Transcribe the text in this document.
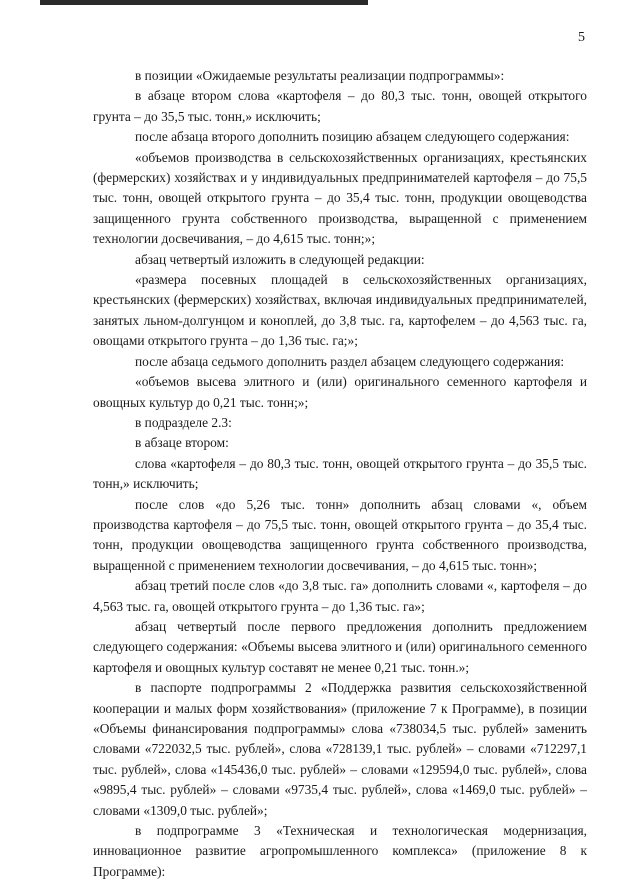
5

в позиции «Ожидаемые результаты реализации подпрограммы»:

в абзаце втором слова «картофеля – до 80,3 тыс. тонн, овощей открытого грунта – до 35,5 тыс. тонн,» исключить;

после абзаца второго дополнить позицию абзацем следующего содержания:

«объемов производства в сельскохозяйственных организациях, крестьянских (фермерских) хозяйствах и у индивидуальных предпринимателей картофеля – до 75,5 тыс. тонн, овощей открытого грунта – до 35,4 тыс. тонн, продукции овощеводства защищенного грунта собственного производства, выращенной с применением технологии досвечивания, – до 4,615 тыс. тонн;»;

абзац четвертый изложить в следующей редакции:

«размера посевных площадей в сельскохозяйственных организациях, крестьянских (фермерских) хозяйствах, включая индивидуальных предпринимателей, занятых льном-долгунцом и коноплей, до 3,8 тыс. га, картофелем – до 4,563 тыс. га, овощами открытого грунта – до 1,36 тыс. га;»;

после абзаца седьмого дополнить раздел абзацем следующего содержания:

«объемов высева элитного и (или) оригинального семенного картофеля и овощных культур до 0,21 тыс. тонн;»;

в подразделе 2.3:

в абзаце втором:

слова «картофеля – до 80,3 тыс. тонн, овощей открытого грунта – до 35,5 тыс. тонн,» исключить;

после слов «до 5,26 тыс. тонн» дополнить абзац словами «, объем производства картофеля – до 75,5 тыс. тонн, овощей открытого грунта – до 35,4 тыс. тонн, продукции овощеводства защищенного грунта собственного производства, выращенной с применением технологии досвечивания, – до 4,615 тыс. тонн»;

абзац третий после слов «до 3,8 тыс. га» дополнить словами «, картофеля – до 4,563 тыс. га, овощей открытого грунта – до 1,36 тыс. га»;

абзац четвертый после первого предложения дополнить предложением следующего содержания: «Объемы высева элитного и (или) оригинального семенного картофеля и овощных культур составят не менее 0,21 тыс. тонн.»;

в паспорте подпрограммы 2 «Поддержка развития сельскохозяйственной кооперации и малых форм хозяйствования» (приложение 7 к Программе), в позиции «Объемы финансирования подпрограммы» слова «738034,5 тыс. рублей» заменить словами «722032,5 тыс. рублей», слова «728139,1 тыс. рублей» – словами «712297,1 тыс. рублей», слова «145436,0 тыс. рублей» – словами «129594,0 тыс. рублей», слова «9895,4 тыс. рублей» – словами «9735,4 тыс. рублей», слова «1469,0 тыс. рублей» – словами «1309,0 тыс. рублей»;

в подпрограмме 3 «Техническая и технологическая модернизация, инновационное развитие агропромышленного комплекса» (приложение 8 к Программе):
